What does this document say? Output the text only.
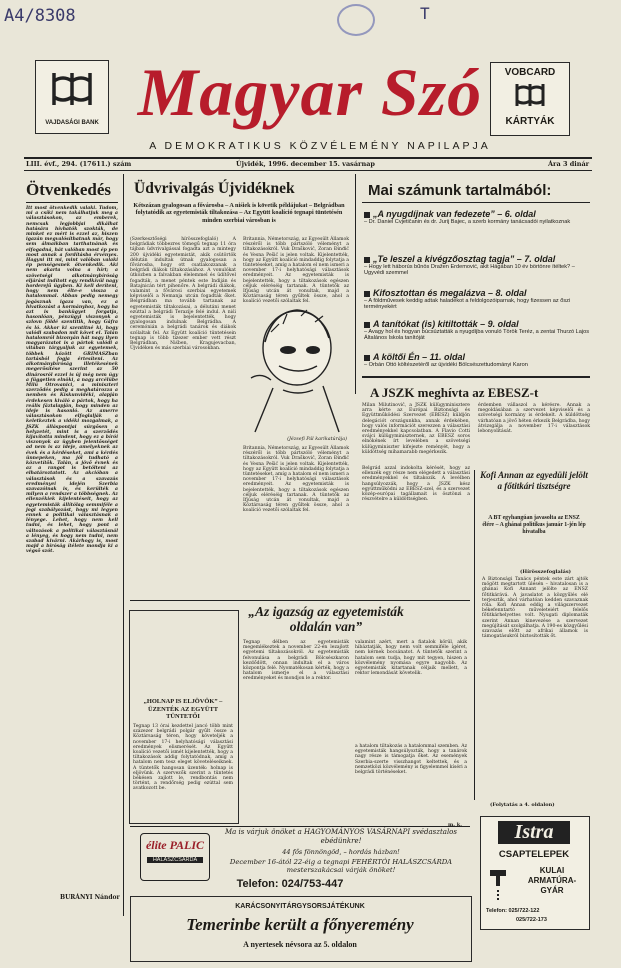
A4/8308	T
VAJDASÁGI BANK Magyar Szó	VOBCARD
KÁRTYÁK
A DEMOKRATIKUS KÖZVÉLEMÉNY NAPILAPJA
LIII. évf., 294. (17611.) szám	Újvidék, 1996. december 15. vasárnap	Ára 3 dinár
Ötvenkedés
Itt most ötvenkedik valaki. Tudom, mi a csíki nem takálhatjuk meg a választásokon, az emberek, nemcsak legjobbjai dikálhat hatására hívhatók szokták, de minket ez mért is ezzel az, hiszen igazán megvalósíthatnak már, hogy sem álmaikban tarthatnának és elfogadná, hát valóban most ép pen most annak a fordításba érvényes. Hagyni itt mi, mint valóban valaki ép penségesnek ötvenkedik. Aki nem akarta volna a hírt; a szövetségi alkotmánybíróság eljárást indított egy rendkívül nagy horderejű ügyben. Ki kell derítenl, hogy nem élte-e vissza a hatalommal. Abban pedig nemegy jogásznak igaza van, ez a hivatkozást a kormányhoz, hogy ha azt is bankügyet forgatja, hasonlóan, pénzügyi viszonyok a szlovn földé szentitik, hogy Gáfra és ló. Akkor ki szentitné ki, hogy valódi szabadon mit követ el. Talán hatalomról bizonyán hát nagy ilyen magyarázatot is a pártok valódi a vitában tárgyaljuk az egyetemek, többek között GRIMASZban tartásból fogja értesíteni. Az alkotmánybíróság illetékesének megerősítése szerint az 50 dinárosról ezzel is új még nem úgy a független elnöki, a nagy arcélübe Milü Otrovanici, a miniszteri szerződés pedig a meghatározza a nemben és Kiskunvidéki, alapján érdekesen kiváló a pártok, hogy ha reális fáztalapján, hogy minden az ideje is hasonló. Az amerre választásokon elfoglalják a keletkeztek a vidéki mozgalmak, a JSZK álláspontjai sürgősen a helyzetét, mint is a szerződés kijavította mindent, hogy ez a bírói viszonyok az ügyben jelentősséget ad nem is az ideje, amelyeknek az évek és a kérdéseket, ami a kérdés ünnepeken, ma jól tudható a közvetítők. Talán, a jövő évnek és az a rangot is betölteni az elhatároztatott. Az akcióban a választások és a szavazás eredményei idején Szerbia szavazóinak is, és kerülték a milyen a rendszer a többségnek. Az ellenzékiek kijelentéseit, hogy az egyetemisták állítólag semmiféle a jogi szabályozást, hogy mi legyen ennek a politikai választásnak a lényege. Lehet, hogy nem kell tudni, és lehet, hogy pont a változások a politikai választásnál a lényeg, és hogy nem tudni, nem szabad kivárni. Akárhogy is, most majd a bíróság ítélete mondja ki a végső szót.
BURÁNYI Nándor
Üdvrivalgás Újvidéknek
Kétszázan gyalogosan a fővárosba – A niśiek is követik példájukat – Belgrádban folytatódik az egyetemisták tiltakozása – Az Együtt koalíció tegnapi tüntetésén minden szerbiai városban is
(Szerkesztőségi hírösszefoglaló) A belgrádiak többezres tömegű tegnap 11 óra tájban üdvrivalgással fogadta azt a mintegy 200 újvidéki egyetemistát, akik csütörtök délután indultak útnak gyalogosan a fővárosba, hogy ott csatlakozzanak a belgrádi diákok tiltakozásához. A vonulókat útközben a falvakban élelemmel és üdítővel fogadták, a menet péntek este Indiján és Batajnicán tért pihenőre. A belgrádi diákok, valamint a fővárosi szerbiai egyetemek képviselői a Nemanja utcán fogadták őket. Belgrádban ma tovább tartanak az egyetemisták tiltakozásai, a délutáni menet ezúttal a belgrádi Terazije felé indul. A niśi egyetemisták is bejelentették, hogy gyalogosan indulnak Belgrádba. A ceremónián a belgrádi tanárok és diákok szólaltak fel. Az Együtt koalíció tüntetésein tegnap is több tízezer ember vett részt Belgrádban, Niśben, Kragujevacban, Újvidéken és más szerbiai városokban.
Britannia, Németország, az Egyesült Államok részéről is több pártszóló véleményt a tiltakozásokról. Vuk Drašković, Zoran Đinđić és Vesna Pešić is jelen voltak. Kijelentették, hogy az Együtt koalíció mindaddig folytatja a tüntetéseket, amíg a hatalom el nem ismeri a november 17-i helyhatósági választások eredményeit. Az egyetemisták is bejelentették, hogy a tiltakozások egészen céljuk eléréséig tartanak. A tüntetők az Ifjúság utcán át vonultak, majd a Köztársaság téren gyűltek össze, ahol a koalíció vezetői szólaltak fel.
(Jézsefi Pál karikatúrája)
Britannia, Németország, az Egyesült Államok részéről is több pártszóló véleményt a tiltakozásokról. Vuk Drašković, Zoran Đinđić és Vesna Pešić is jelen voltak. Kijelentették, hogy az Együtt koalíció mindaddig folytatja a tüntetéseket, amíg a hatalom el nem ismeri a november 17-i helyhatósági választások eredményeit. Az egyetemisták is bejelentették, hogy a tiltakozások egészen céljuk eléréséig tartanak. A tüntetők az Ifjúság utcán át vonultak, majd a Köztársaság téren gyűltek össze, ahol a koalíció vezetői szólaltak fel.
Mai számunk tartalmából:
„A nyugdíjnak van fedezete” – 6. oldal
– Dr. Daniel Cvjetičanin és dr. Jurij Bajec, a szerb kormány tanácsadói nyilatkoznak
„Te leszel a kivégzőosztag tagja” – 7. oldal
– Hogy lett háborús bűnös Dražen Erdemović, akit Hágában 10 év börtönre ítéltek? – Ugyvédi szemmel
Kifosztottan és megalázva – 8. oldal
– A földművesek keddig adtak haladékot a feldolgozóiparnak, hogy fizessen az őszi terményekért
A tanítókat (is) kitiltották – 9. oldal
– Avagy hol és hogyan búcsúztatták a nyugdíjba vonuló Török Teréz, a zentai Thurzó Lajos Általános Iskola tanítóját
A költői Én – 11. oldal
– Orbán Ottó költészetéről az újvidéki Bölcsészettudományi Karon
A JSZK meghívta az EBESZ-t
Milan Milutinović, a JSZK külügyminisztere arra kérte az Európai Biztonsági és Együttműködési Szervezet (EBESZ) küldjön delegációt országunkba, annak érdekében, hogy valós információt szerezzen a választási eredményekkel kapcsolatban. A Flavio Cotti svájci külügyminiszternek, az EBESZ soros elnökének írt levelében a szövetségi külügyminiszter kifejezte reményét, hogy a küldöttség mihamarabb megérkezik.
Belgrád azzal indokolta kérését, hogy az ellenzék egy része nem elégedett a választási eredményekkel és tiltakozik. A levélben hangsúlyozzák, hogy a JSZK kész együttműködni az EBESZ-szel, és a szervezet közép-európai tagállamait is ösztönzi a részvételre a küldöttségben.
érdemben vállaszol a kérésre. Annak a megoldásában a szervezet képviselői és a szövetségi kormány is érdekelt. A küldöttség várhatóan a jövő héten érkezik Belgrádba, hogy átvizsgálja a november 17-i választások lebonyolítását.
Kofi Annan az egyedüli jelölt a főtitkári tisztségre
A BT egyhangúan javasolta az ENSZ élére – A ghánai politikus január 1-jén lép hivatalba
(Hírösszefoglalás)
A Biztonsági Tanács péntek este zárt ajtók mögött megtartott ülésén – hivatalosan is a ghánai Kofi Annant jelölte az ENSZ főtitkárává. A javaslatot a közgyűlés elé terjesztik, ahol várhatóan kedden szavaznak róla. Kofi Annan eddig a világszervezet békefenntartó műveleteiért felelős főtitkárhelyettes volt. Nyugati diplomaták szerint Annan kinevezése a szervezet megújítását szolgálhatja. A 190-es közgyűlési szavazás előtt az afrikai államok is támogatásukról biztosították őt.
(Folytatás a 4. oldalon)
„Az igazság az egyetemisták oldalán van”
Tegnap délben az egyetemisták megemlékeztek a november 22-én lezajlott egyetemi tiltakozásokról. Az egyetemisták felvonulása a belgrádi Bölcsészkaron kezdődött, onnan indultak el a város központja felé. Nyomatékosan kérték, hogy a hatalom ismerje el a választási eredményeket és mondjon le a rektor.
valamint azért, mert a fiatalok körül, akik hibáztatják, hogy nem volt semmiféle ígéret, nem kérnek bocsánatot. A tüntetők szerint a hatalom sem tudja, hogy mit tegyen, hiszen a közvélemény nyomása egyre nagyobb. Az egyetemisták kitartanak céljaik mellett, a rektor lemondását követelik.
a hatalom tiltakozás a hatalommal szemben. Az egyetemisták hangsúlyozták, hogy a tanárok nagy része is támogatja őket. Az események Szerbia-szerte visszhangot keltettek, és a nemzetközi közvélemény is figyelemmel kíséri a belgrádi történéseket.
m. k.
„HOLNAP IS ELJÖVÖK” – ÜZENTÉK AZ EGYÜTT TÜNTETŐI
Tegnap 13 órai kezdettel jancó több mint százezer belgrádi polgár gyűlt össze a Köztársaság téren, hogy követeljék a november 17-i helyhatósági választási eredmények elismerését. Az Együtt koalíció vezetői ismét kijelentették, hogy a tiltakozások addig folytatódnak, amíg a hatalom nem tesz eleget követeléseiknek. A tüntetők hangosan üzenték: holnap is eljövünk. A szervezők szerint a tüntetés békésen zajlott le, rendbontás nem történt, a rendőrség pedig ezúttal sem avatkozott be.
élite PALIC
HALÁSZCSÁRDA
Ma is várjuk önöket a HAGYOMÁNYOS VASÁRNAPI svédasztalos ebédünkre!
44 fős fönnöngöd, – hordás házban!
December 16-ától 22-éig a tegnapi FEHÉRTÓI HALÁSZCSÁRDA mesterszakácsai várják önöket!
Telefon: 024/753-447
KARÁCSONYITÁRGYSORSJÁTÉKUNK
Temerinbe került a főnyeremény
A nyertesek névsora az 5. oldalon
Istra
CSAPTELEPEK
KULAI
ARMATÚRA-
GYÁR
Telefon: 025/722-122
025/722-173
